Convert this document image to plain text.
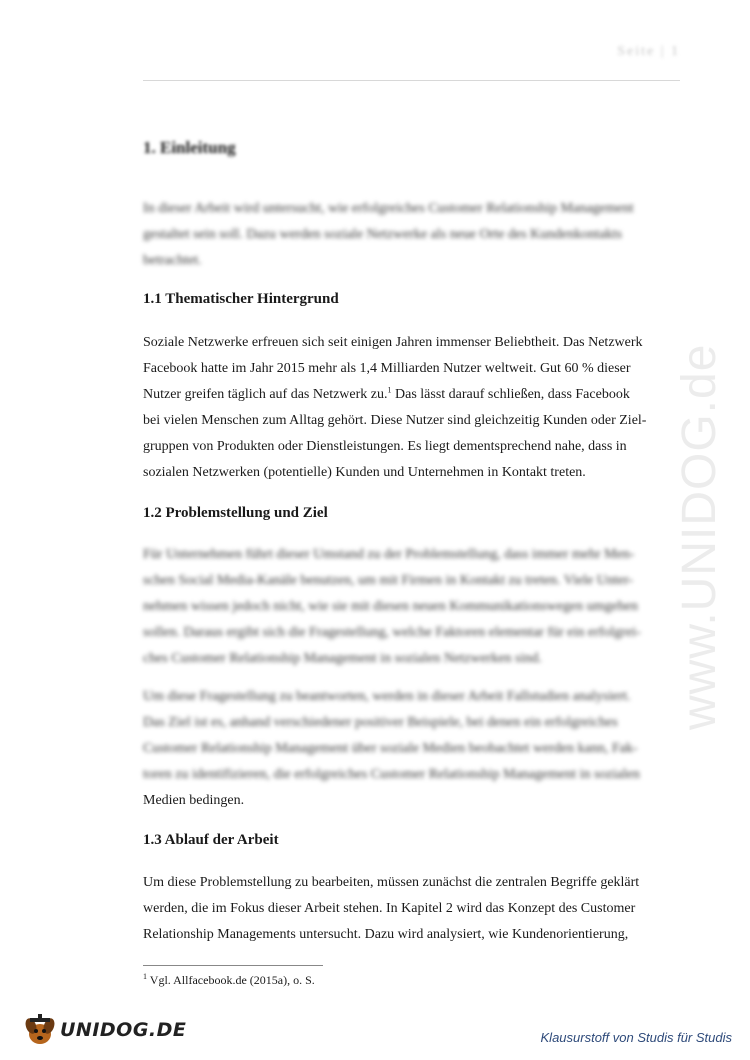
Seite | 1
www.UNIDOG.de
1. Einleitung

In dieser Arbeit wird untersucht, wie erfolgreiches Customer Relationship Management

gestaltet sein soll. Dazu werden soziale Netzwerke als neue Orte des Kundenkontakts

betrachtet.

1.1 Thematischer Hintergrund

Soziale Netzwerke erfreuen sich seit einigen Jahren immenser Beliebtheit. Das Netzwerk

Facebook hatte im Jahr 2015 mehr als 1,4 Milliarden Nutzer weltweit. Gut 60 % dieser

Nutzer greifen täglich auf das Netzwerk zu.$^1$ Das lässt darauf schließen, dass Facebook

bei vielen Menschen zum Alltag gehört. Diese Nutzer sind gleichzeitig Kunden oder Ziel-

gruppen von Produkten oder Dienstleistungen. Es liegt dementsprechend nahe, dass in

sozialen Netzwerken (potentielle) Kunden und Unternehmen in Kontakt treten.

1.2 Problemstellung und Ziel

Für Unternehmen führt dieser Umstand zu der Problemstellung, dass immer mehr Men-

schen Social Media-Kanäle benutzen, um mit Firmen in Kontakt zu treten. Viele Unter-

nehmen wissen jedoch nicht, wie sie mit diesen neuen Kommunikationswegen umgehen

sollen. Daraus ergibt sich die Fragestellung, welche Faktoren elementar für ein erfolgrei-

ches Customer Relationship Management in sozialen Netzwerken sind.

Um diese Fragestellung zu beantworten, werden in dieser Arbeit Fallstudien analysiert.

Das Ziel ist es, anhand verschiedener positiver Beispiele, bei denen ein erfolgreiches

Customer Relationship Management über soziale Medien beobachtet werden kann, Fak-

toren zu identifizieren, die erfolgreiches Customer Relationship Management in sozialen

Medien bedingen.

1.3 Ablauf der Arbeit

Um diese Problemstellung zu bearbeiten, müssen zunächst die zentralen Begriffe geklärt

werden, die im Fokus dieser Arbeit stehen. In Kapitel 2 wird das Konzept des Customer

Relationship Managements untersucht. Dazu wird analysiert, wie Kundenorientierung,

$^1$ Vgl. Allfacebook.de (2015a), o. S.

UNIDOG.DE	Klausurstoff von Studis für Studis
